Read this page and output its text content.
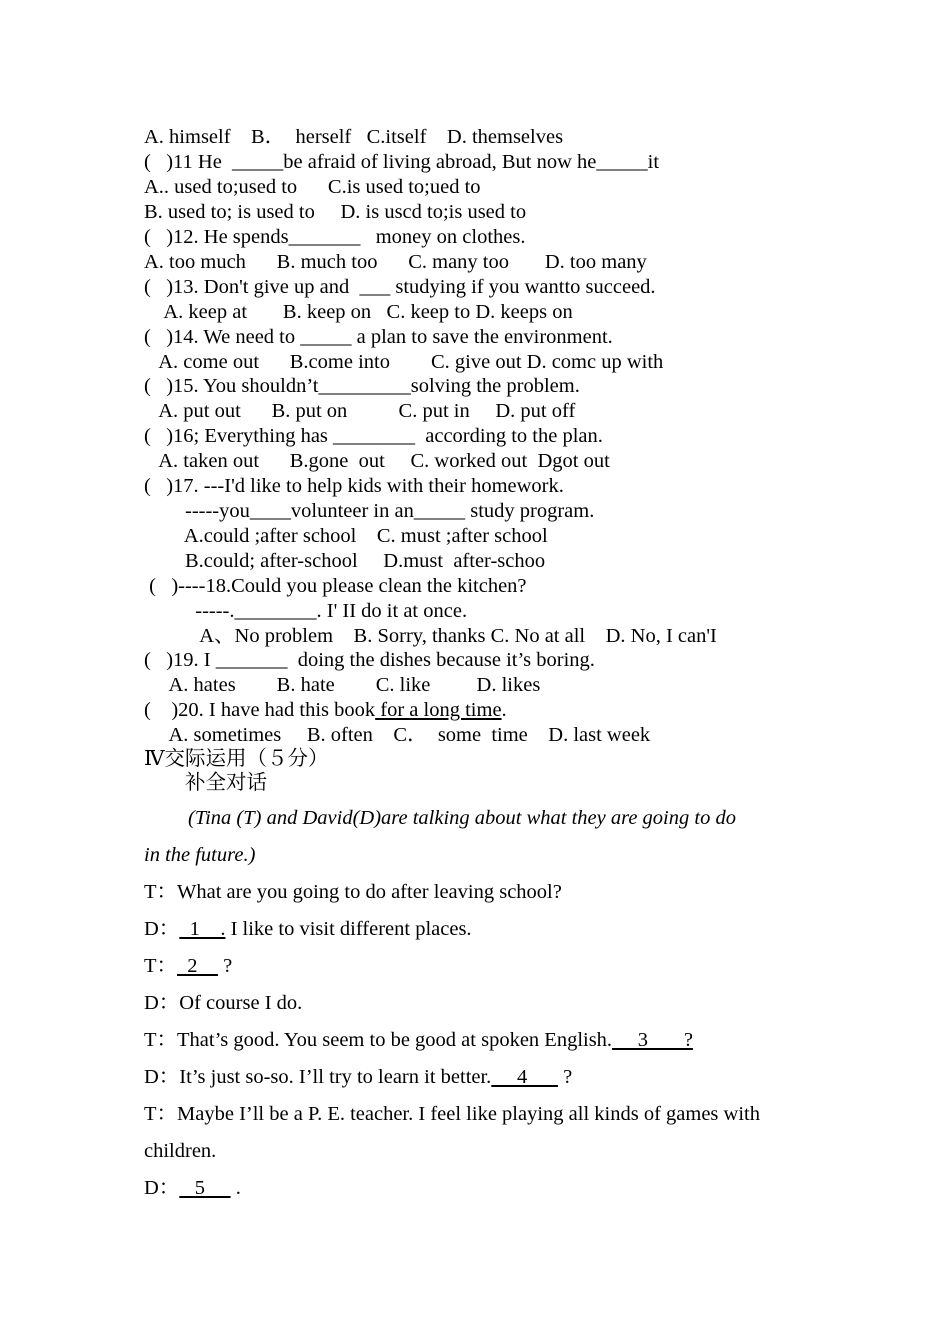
A. himself    B．  herself   C.itself    D. themselves
(   )11 He  _____be afraid of living abroad, But now he_____it
A.. used to;used to      C.is used to;ued to
B. used to; is used to     D. is uscd to;is used to
(   )12. He spends_______   money on clothes.
A. too much      B. much too      C. many too       D. too many
(   )13. Don't give up and  ___ studying if you wantto succeed.
A. keep at       B. keep on   C. keep to D. keeps on
(   )14. We need to _____ a plan to save the environment.
A. come out      B.come into        C. give out D. comc up with
(   )15. You shouldn’t_________solving the problem.
A. put out      B. put on          C. put in     D. put off
(   )16; Everything has ________  according to the plan.
A. taken out      B.gone  out     C. worked out  Dgot out
(   )17. ---I'd like to help kids with their homework.
-----you____volunteer in an_____ study program.
A.could ;after school    C. must ;after school
B.could; after-school     D.must  after-schoo
(   )----18.Could you please clean the kitchen?
-----.________. I' II do it at once.
A、No problem    B. Sorry, thanks C. No at all    D. No, I can'I
(   )19. I _______  doing the dishes because it’s boring.
A. hates        B. hate        C. like         D. likes
(    )20. I have had this book for a long time.
A. sometimes     B. often    C．  some  time    D. last week
Ⅳ交际运用（５分）
补全对话
(Tina (T) and David(D)are talking about what they are going to do
in the future.)
T：What are you going to do after leaving school?
D：  1    . I like to visit different places.
T：  2     ?
D：Of course I do.
T：That’s good. You seem to be good at spoken English.     3       ?
D：It’s just so-so. I’ll try to learn it better.     4       ?
T：Maybe I’ll be a P. E. teacher. I feel like playing all kinds of games with
children.
D：   5      .
